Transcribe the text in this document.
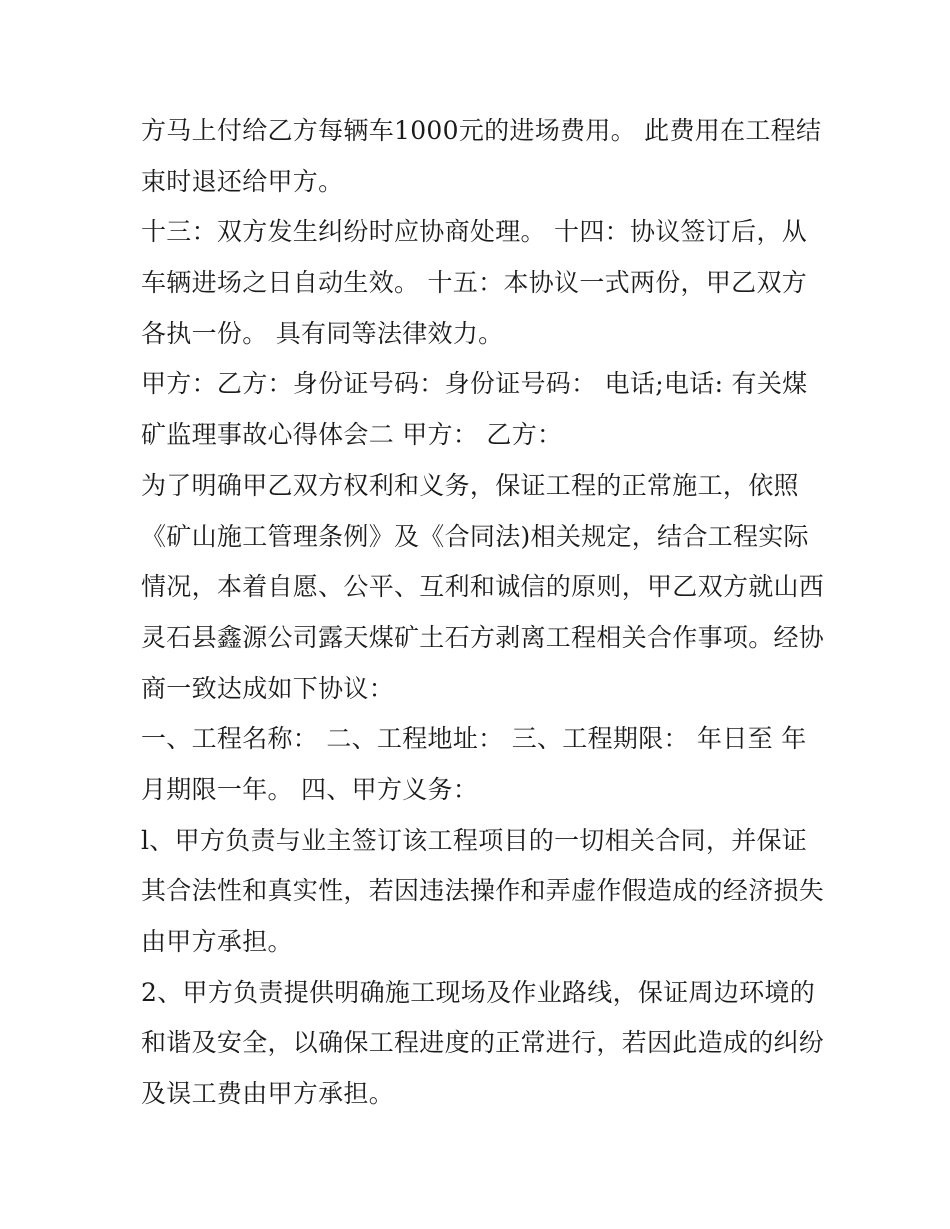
方马上付给乙方每辆车1000元的进场费用。 此费用在工程结

束时退还给甲方。

十三：双方发生纠纷时应协商处理。 十四：协议签订后，从

车辆进场之日自动生效。 十五：本协议一式两份，甲乙双方

各执一份。 具有同等法律效力。

甲方：乙方：身份证号码：身份证号码： 电话;电话: 有关煤

矿监理事故心得体会二 甲方： 乙方：

为了明确甲乙双方权利和义务，保证工程的正常施工，依照

《矿山施工管理条例》及《合同法)相关规定，结合工程实际

情况，本着自愿、公平、互利和诚信的原则，甲乙双方就山西

灵石县鑫源公司露天煤矿土石方剥离工程相关合作事项。经协

商一致达成如下协议：

一、工程名称： 二、工程地址： 三、工程期限： 年日至 年

月期限一年。 四、甲方义务：

l、甲方负责与业主签订该工程项目的一切相关合同，并保证

其合法性和真实性，若因违法操作和弄虚作假造成的经济损失

由甲方承担。

2、甲方负责提供明确施工现场及作业路线，保证周边环境的

和谐及安全，以确保工程进度的正常进行，若因此造成的纠纷

及误工费由甲方承担。
